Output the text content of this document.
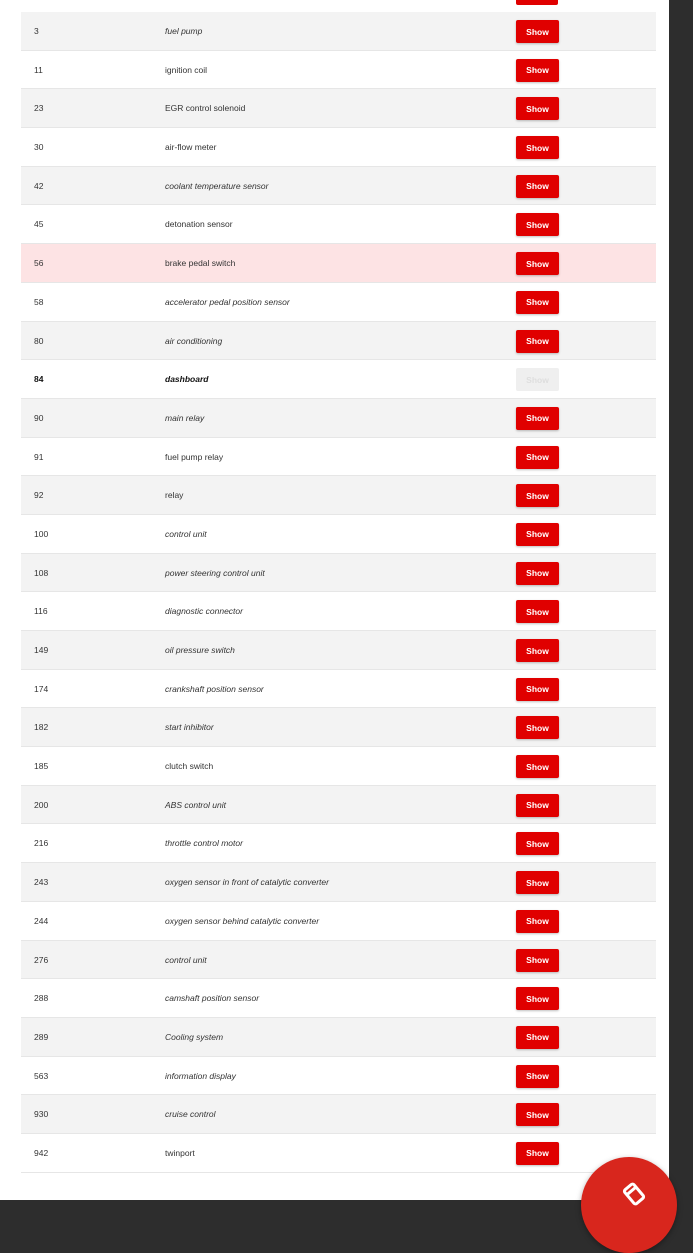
3	fuel pump	Show
11	ignition coil	Show
23	EGR control solenoid	Show
30	air-flow meter	Show
42	coolant temperature sensor	Show
45	detonation sensor	Show
56	brake pedal switch	Show
58	accelerator pedal position sensor	Show
80	air conditioning	Show
84	dashboard	Show
90	main relay	Show
91	fuel pump relay	Show
92	relay	Show
100	control unit	Show
108	power steering control unit	Show
116	diagnostic connector	Show
149	oil pressure switch	Show
174	crankshaft position sensor	Show
182	start inhibitor	Show
185	clutch switch	Show
200	ABS control unit	Show
216	throttle control motor	Show
243	oxygen sensor in front of catalytic converter	Show
244	oxygen sensor behind catalytic converter	Show
276	control unit	Show
288	camshaft position sensor	Show
289	Cooling system	Show
563	information display	Show
930	cruise control	Show
942	twinport	Show
